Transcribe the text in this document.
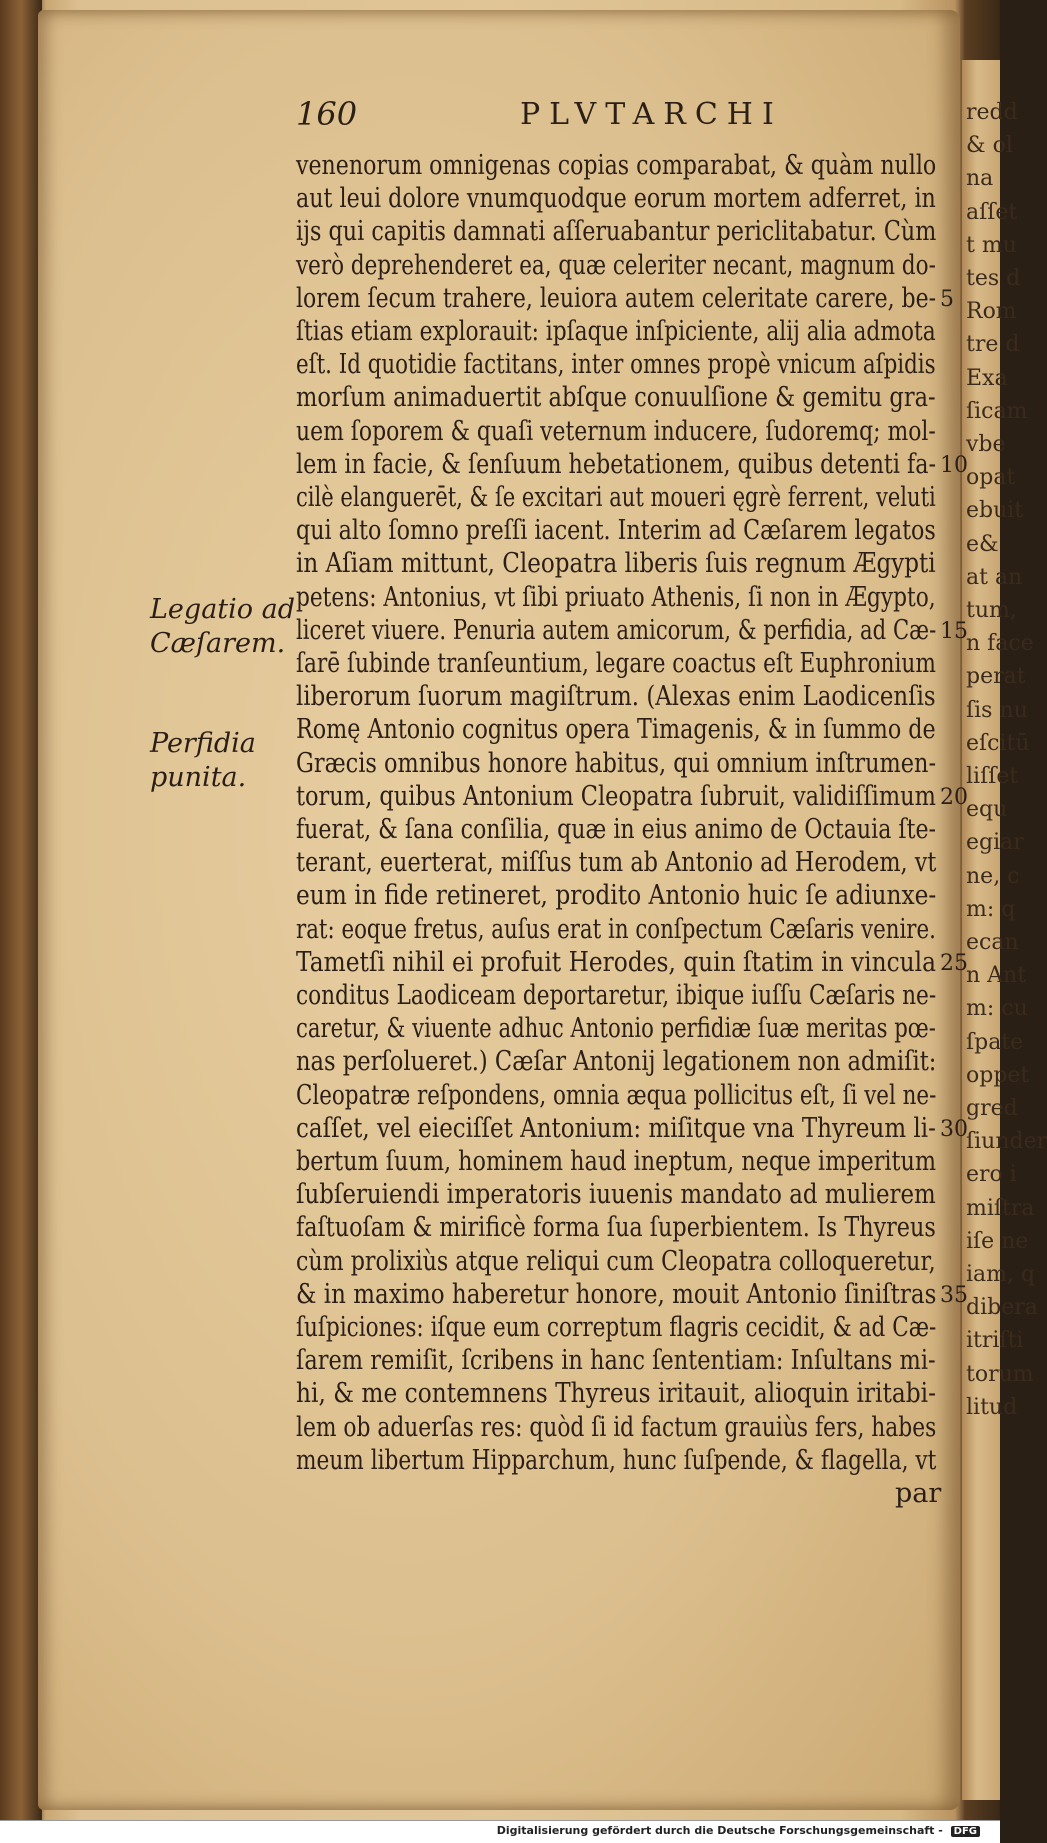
redd
& ol
na
aſſet
t mu
tes d
Rom
tre d
Exa
ſicam
vbe
opat
ebuit
e&
at an
tum,
n face
perat
ſis nu
eſcitū
liſſet
equ
egiar
ne, c
m: q
ecan
n Ant
m: cu
ſpate
oppet
gred
ſiunder
ero i
miſtra
iſe ne
iam, q
dibera
itriſti
torum
litud
160	PLVTARCHI
venenorum omnigenas copias comparabat, & quàm nullo
aut leui dolore vnumquodque eorum mortem adferret, in
ijs qui capitis damnati aſſeruabantur periclitabatur. Cùm
verò deprehenderet ea, quæ celeriter necant, magnum do-
lorem ſecum trahere, leuiora autem celeritate carere, be-
ſtias etiam explorauit: ipſaque inſpiciente, alij alia admota
eſt. Id quotidie factitans, inter omnes propè vnicum aſpidis
morſum animaduertit abſque conuulſione & gemitu gra-
uem ſoporem & quaſi veternum inducere, ſudoremq; mol-
lem in facie, & ſenſuum hebetationem, quibus detenti fa-
cilè elanguerēt, & ſe excitari aut moueri ęgrè ferrent, veluti
qui alto ſomno preſſi iacent. Interim ad Cæſarem legatos
in Aſiam mittunt, Cleopatra liberis ſuis regnum Ægypti
petens: Antonius, vt ſibi priuato Athenis, ſi non in Ægypto,
liceret viuere. Penuria autem amicorum, & perfidia, ad Cæ-
ſarē ſubinde tranſeuntium, legare coactus eſt Euphronium
liberorum ſuorum magiſtrum. (Alexas enim Laodicenſis
Romę Antonio cognitus opera Timagenis, & in ſummo de
Græcis omnibus honore habitus, qui omnium inſtrumen-
torum, quibus Antonium Cleopatra ſubruit, validiſſimum
fuerat, & ſana conſilia, quæ in eius animo de Octauia ſte-
terant, euerterat, miſſus tum ab Antonio ad Herodem, vt
eum in fide retineret, prodito Antonio huic ſe adiunxe-
rat: eoque fretus, auſus erat in conſpectum Cæſaris venire.
Tametſi nihil ei profuit Herodes, quin ſtatim in vincula
conditus Laodiceam deportaretur, ibique iuſſu Cæſaris ne-
caretur, & viuente adhuc Antonio perfidiæ ſuæ meritas pœ-
nas perſolueret.) Cæſar Antonij legationem non admiſit:
Cleopatræ reſpondens, omnia æqua pollicitus eſt, ſi vel ne-
caſſet, vel eieciſſet Antonium: miſitque vna Thyreum li-
bertum ſuum, hominem haud ineptum, neque imperitum
ſubſeruiendi imperatoris iuuenis mandato ad mulierem
faſtuoſam & mirificè forma ſua ſuperbientem. Is Thyreus
cùm prolixiùs atque reliqui cum Cleopatra colloqueretur,
& in maximo haberetur honore, mouit Antonio ſiniſtras
ſuſpiciones: iſque eum correptum flagris cecidit, & ad Cæ-
ſarem remiſit, ſcribens in hanc ſententiam: Inſultans mi-
hi, & me contemnens Thyreus iritauit, alioquin iritabi-
lem ob aduerſas res: quòd ſi id factum grauiùs fers, habes
meum libertum Hipparchum, hunc ſuſpende, & flagella, vt
par
5
10
15
20
25
30
35
Legatio ad
Cæſarem.
Perfidia
punita.
Digitalisierung gefördert durch die Deutsche Forschungsgemeinschaft - DFG
